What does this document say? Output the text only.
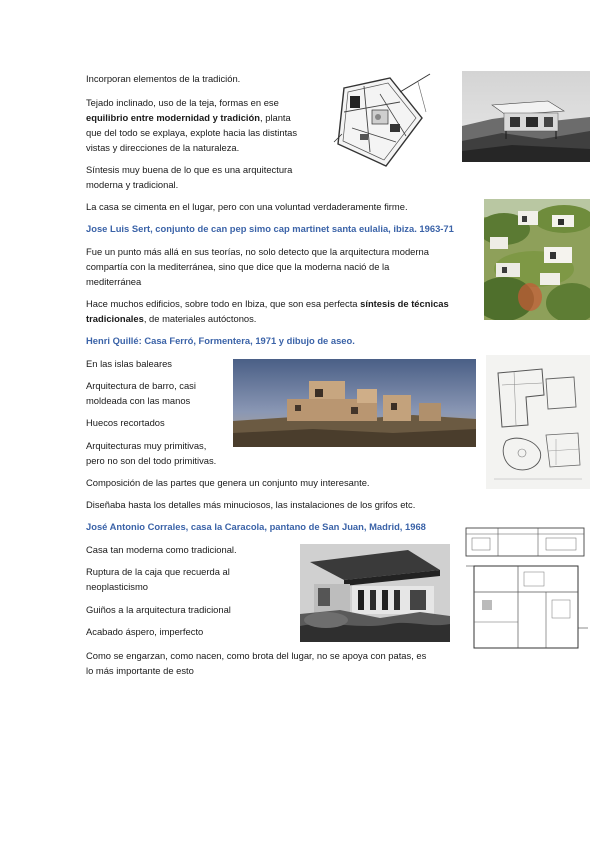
Incorporan elementos de la tradición.

Tejado inclinado, uso de la teja, formas en ese

equilibrio entre modernidad y tradición, planta

que del todo se explaya, explote hacia las distintas

vistas y direcciones de la naturaleza.

Síntesis muy buena de lo que es una arquitectura

moderna y tradicional.

La casa se cimenta en el lugar, pero con una voluntad verdaderamente firme.

Jose Luis Sert, conjunto de can pep simo cap martinet santa eulalia, ibiza. 1963-71

Fue un punto más allá en sus teorías, no solo detecto que la arquitectura moderna

compartía con la mediterránea, sino que dice que la moderna nació de la

mediterránea

Hace muchos edificios, sobre todo en Ibiza, que son esa perfecta síntesis de técnicas

tradicionales, de materiales autóctonos.

Henri Quillé: Casa Ferró, Formentera, 1971 y dibujo de aseo.

En las islas baleares

Arquitectura de barro, casi

moldeada con las manos

Huecos recortados

Arquitecturas muy primitivas,

pero no son del todo primitivas.

Composición de las partes que genera un conjunto muy interesante.

Diseñaba hasta los detalles más minuciosos, las instalaciones de los grifos etc.

José Antonio Corrales, casa la Caracola, pantano de San Juan, Madrid, 1968

Casa tan moderna como tradicional.

Ruptura de la caja que recuerda al

neoplasticismo

Guiños a la arquitectura tradicional

Acabado áspero, imperfecto

Como se engarzan, como nacen, como brota del lugar, no se apoya con patas, es

lo más importante de esto
